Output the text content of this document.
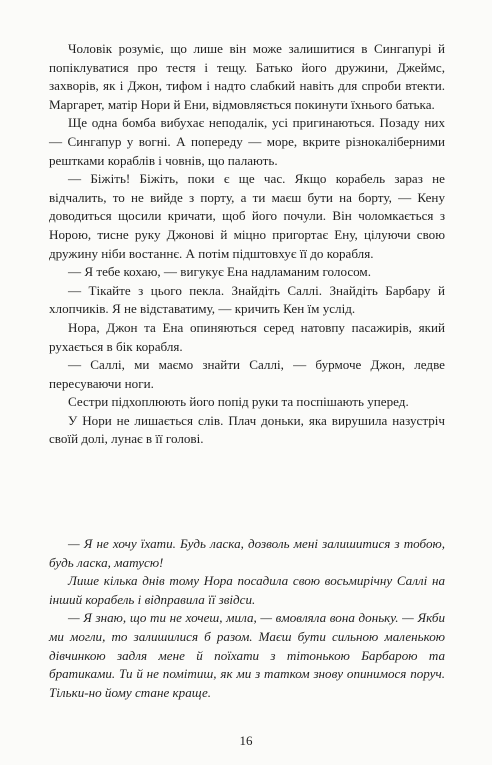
Чоловік розуміє, що лише він може залишитися в Сингапурі й попіклуватися про тестя і тещу. Батько його дружини, Джеймс, захворів, як і Джон, тифом і надто слабкий навіть для спроби втекти. Маргарет, матір Нори й Ени, відмовляється покинути їхнього батька.

Ще одна бомба вибухає неподалік, усі пригинаються. Позаду них — Сингапур у вогні. А попереду — море, вкрите різнокаліберними рештками кораблів і човнів, що палають.

— Біжіть! Біжіть, поки є ще час. Якщо корабель зараз не відчалить, то не вийде з порту, а ти маєш бути на борту, — Кену доводиться щосили кричати, щоб його почули. Він чоломкається з Норою, тисне руку Джонові й міцно пригортає Ену, цілуючи свою дружину ніби востаннє. А потім підштовхує її до корабля.

— Я тебе кохаю, — вигукує Ена надламаним голосом.

— Тікайте з цього пекла. Знайдіть Саллі. Знайдіть Барбару й хлопчиків. Я не відставатиму, — кричить Кен їм услід.

Нора, Джон та Ена опиняються серед натовпу пасажирів, який рухається в бік корабля.

— Саллі, ми маємо знайти Саллі, — бурмоче Джон, ледве пересуваючи ноги.

Сестри підхоплюють його попід руки та поспішають уперед.

У Нори не лишається слів. Плач доньки, яка вирушила назустріч своїй долі, лунає в її голові.

— Я не хочу їхати. Будь ласка, дозволь мені залишитися з тобою, будь ласка, матусю!

Лише кілька днів тому Нора посадила свою восьмирічну Саллі на інший корабель і відправила її звідси.

— Я знаю, що ти не хочеш, мила, — вмовляла вона доньку. — Якби ми могли, то залишилися б разом. Маєш бути сильною маленькою дівчинкою задля мене й поїхати з тітонькою Барбарою та братиками. Ти й не помітиш, як ми з татком знову опинимося поруч. Тільки-но йому стане краще.

16
